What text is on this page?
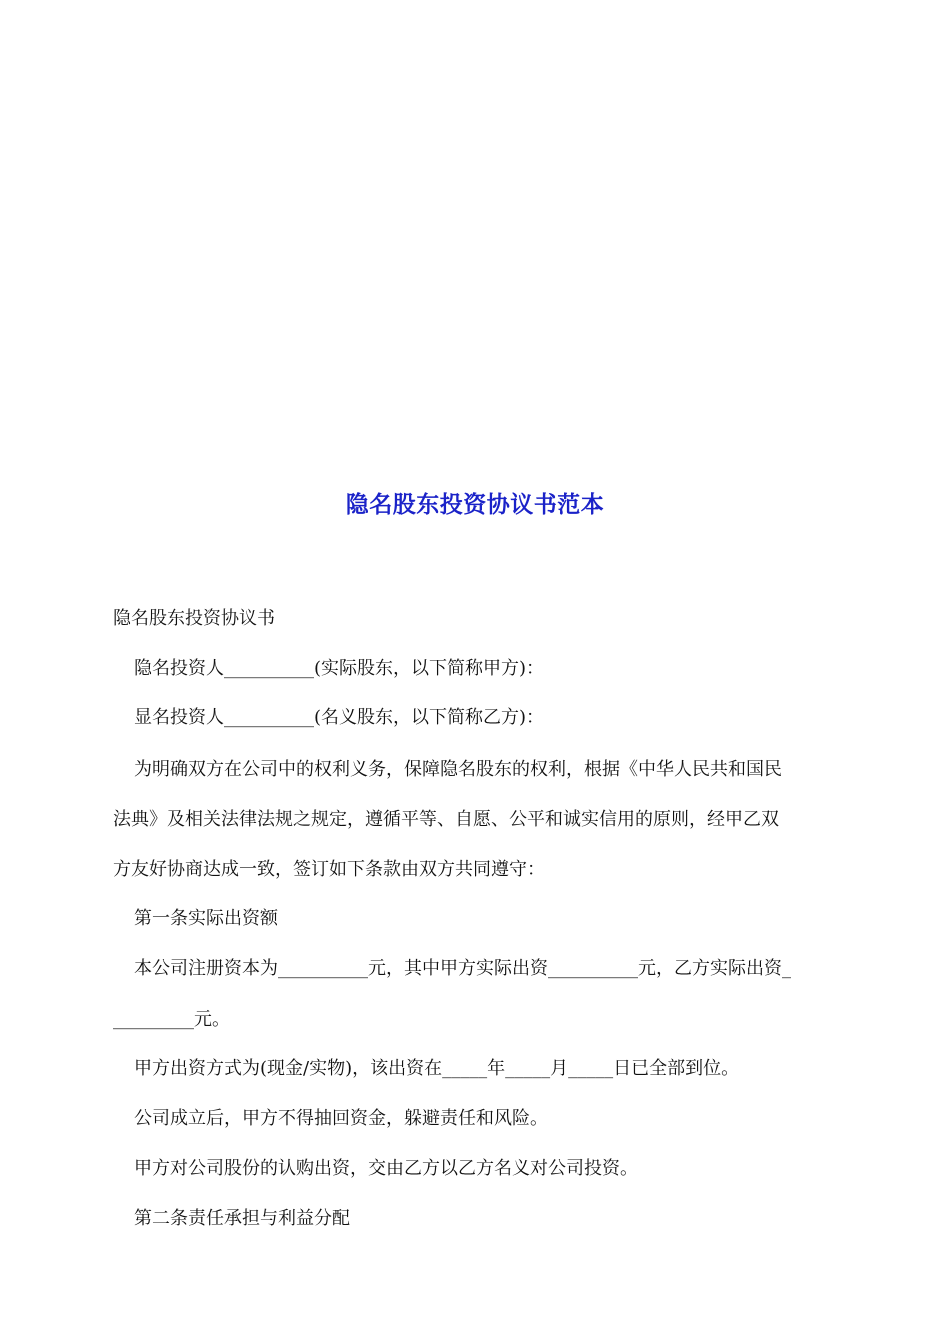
隐名股东投资协议书范本
隐名股东投资协议书
隐名投资人__________(实际股东，以下简称甲方)：
显名投资人__________(名义股东，以下简称乙方)：
为明确双方在公司中的权利义务，保障隐名股东的权利，根据《中华人民共和国民
法典》及相关法律法规之规定，遵循平等、自愿、公平和诚实信用的原则，经甲乙双
方友好协商达成一致，签订如下条款由双方共同遵守：
第一条实际出资额
本公司注册资本为__________元，其中甲方实际出资__________元，乙方实际出资_
_________元。
甲方出资方式为(现金/实物)，该出资在_____年_____月_____日已全部到位。
公司成立后，甲方不得抽回资金，躲避责任和风险。
甲方对公司股份的认购出资，交由乙方以乙方名义对公司投资。
第二条责任承担与利益分配
